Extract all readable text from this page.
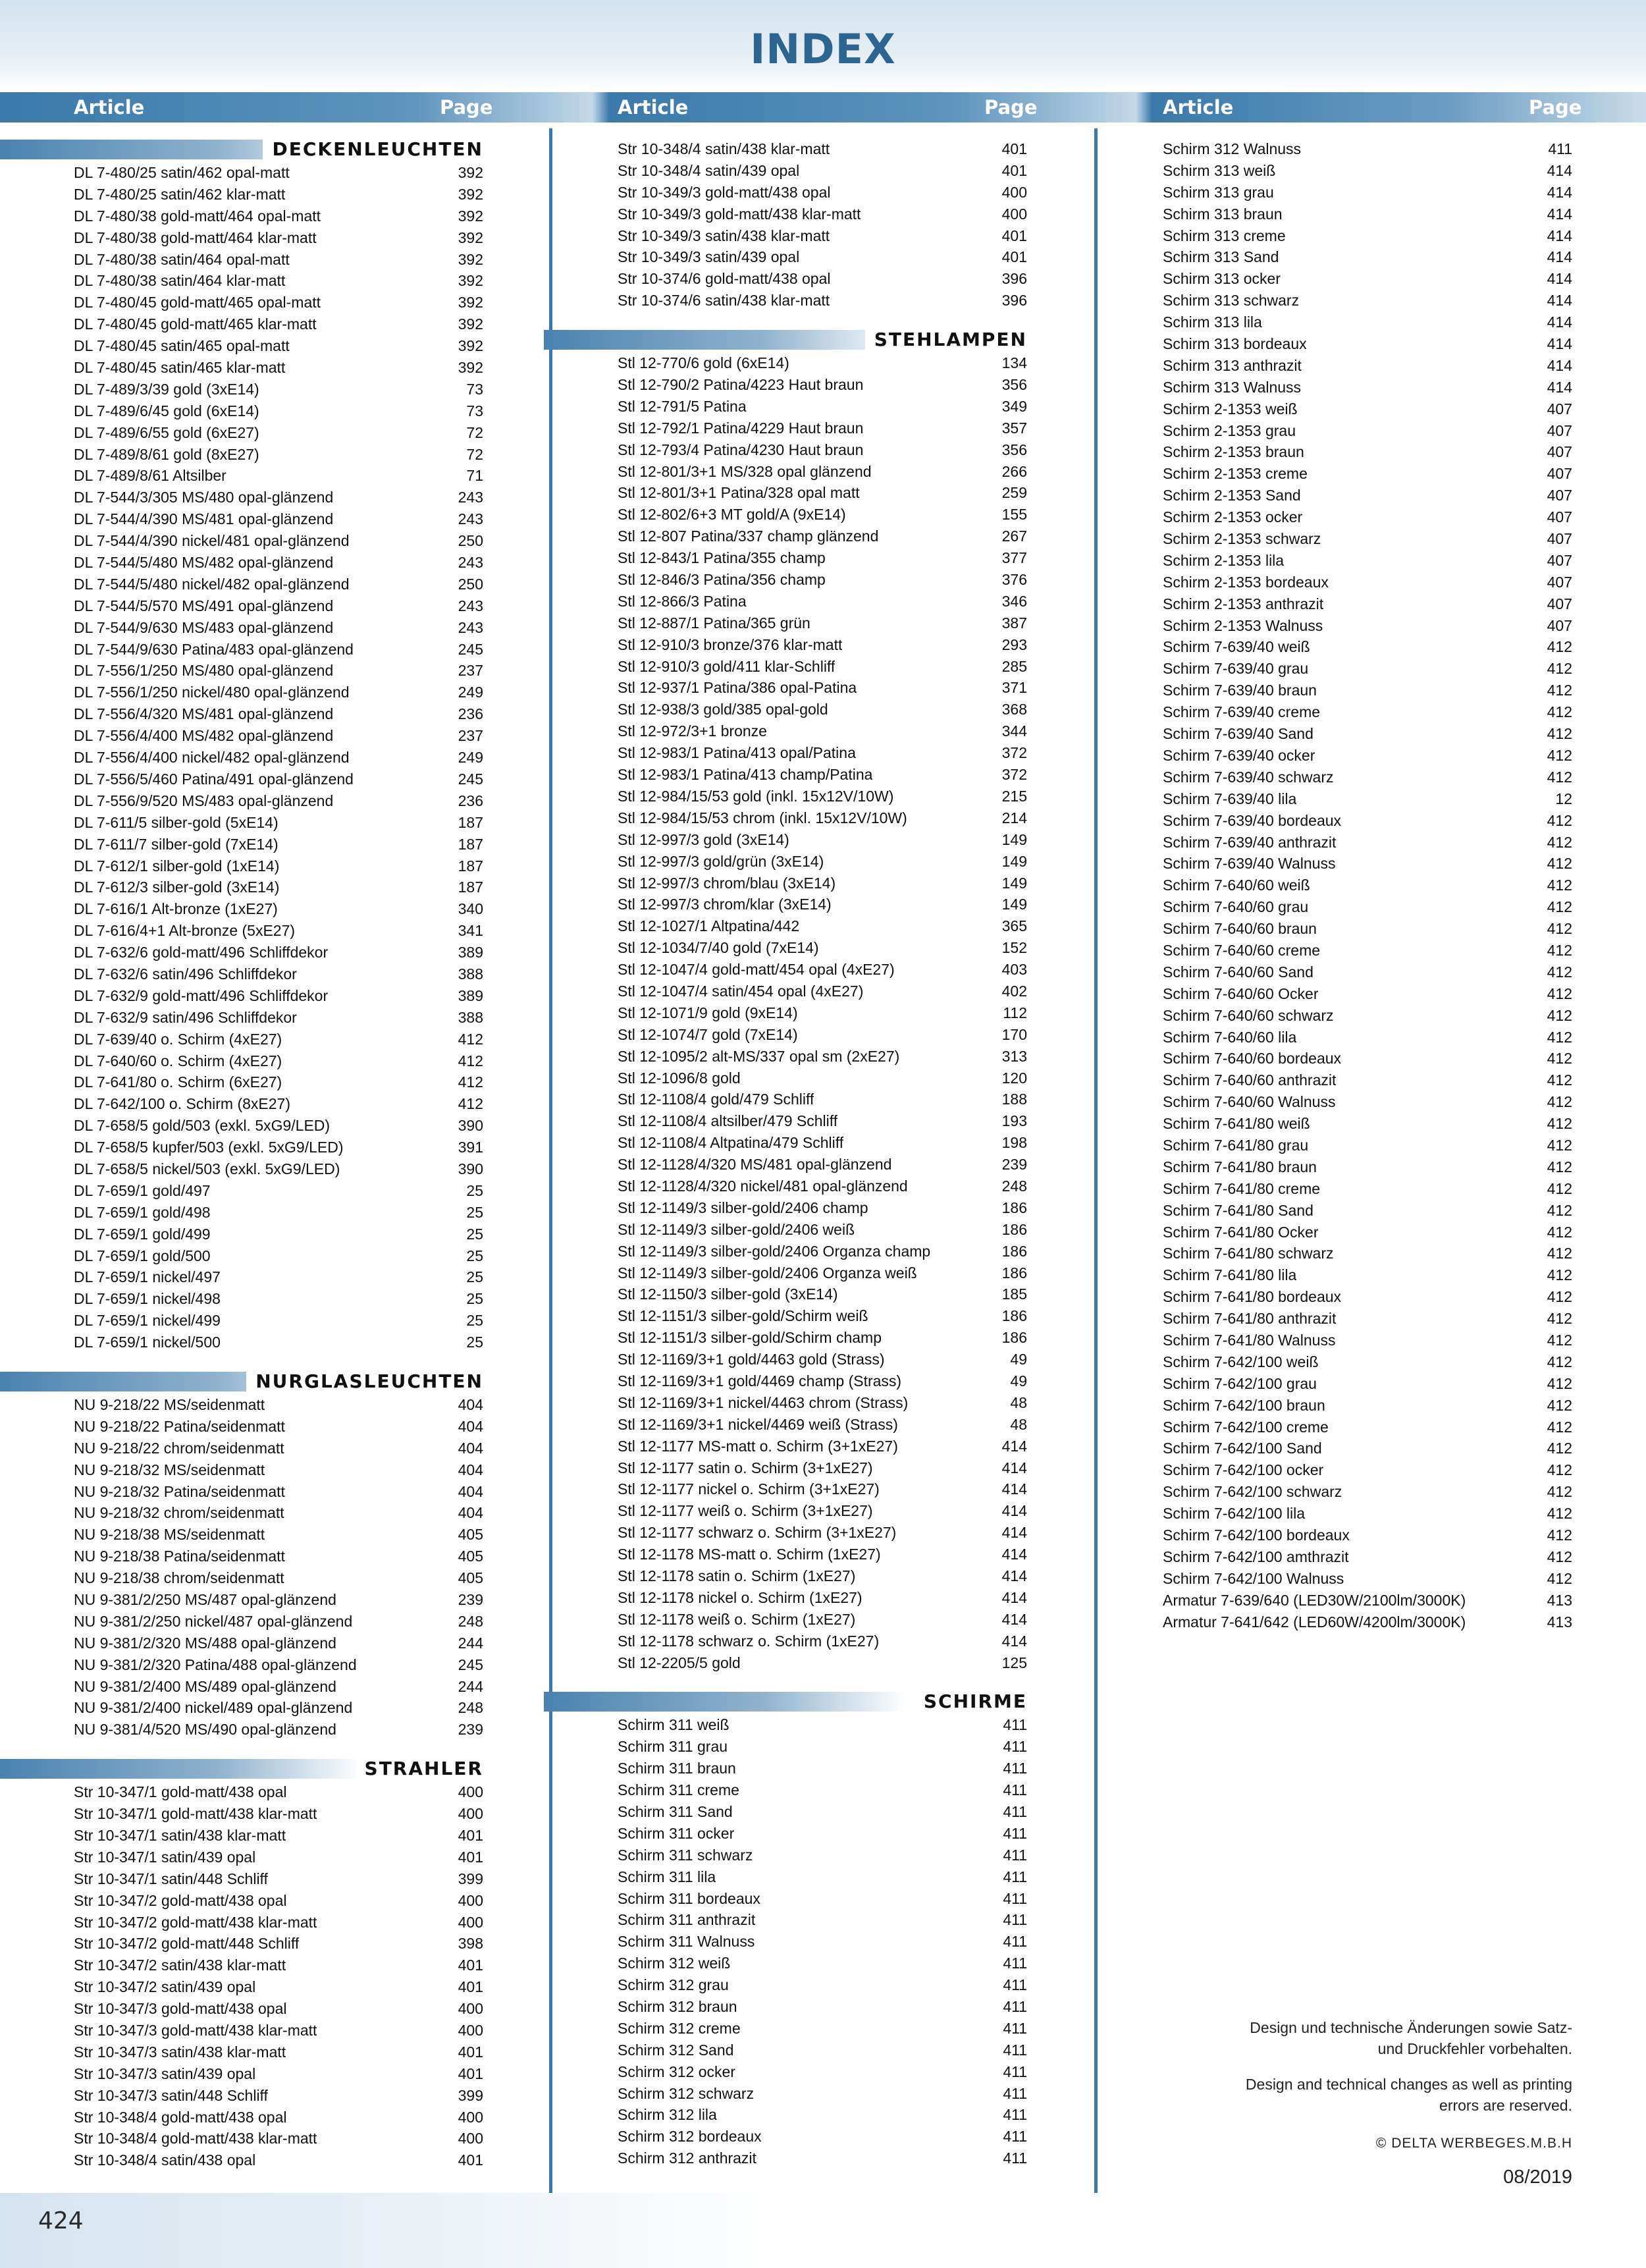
INDEX
Article	Page	Article	Page	Article	Page
DECKENLEUCHTEN
DL 7-480/25 satin/462 opal-matt	392
DL 7-480/25 satin/462 klar-matt	392
DL 7-480/38 gold-matt/464 opal-matt	392
DL 7-480/38 gold-matt/464 klar-matt	392
DL 7-480/38 satin/464 opal-matt	392
DL 7-480/38 satin/464 klar-matt	392
DL 7-480/45 gold-matt/465 opal-matt	392
DL 7-480/45 gold-matt/465 klar-matt	392
DL 7-480/45 satin/465 opal-matt	392
DL 7-480/45 satin/465 klar-matt	392
DL 7-489/3/39 gold (3xE14)	73
DL 7-489/6/45 gold (6xE14)	73
DL 7-489/6/55 gold (6xE27)	72
DL 7-489/8/61 gold (8xE27)	72
DL 7-489/8/61 Altsilber	71
DL 7-544/3/305 MS/480 opal-glänzend	243
DL 7-544/4/390 MS/481 opal-glänzend	243
DL 7-544/4/390 nickel/481 opal-glänzend	250
DL 7-544/5/480 MS/482 opal-glänzend	243
DL 7-544/5/480 nickel/482 opal-glänzend	250
DL 7-544/5/570 MS/491 opal-glänzend	243
DL 7-544/9/630 MS/483 opal-glänzend	243
DL 7-544/9/630 Patina/483 opal-glänzend	245
DL 7-556/1/250 MS/480 opal-glänzend	237
DL 7-556/1/250 nickel/480 opal-glänzend	249
DL 7-556/4/320 MS/481 opal-glänzend	236
DL 7-556/4/400 MS/482 opal-glänzend	237
DL 7-556/4/400 nickel/482 opal-glänzend	249
DL 7-556/5/460 Patina/491 opal-glänzend	245
DL 7-556/9/520 MS/483 opal-glänzend	236
DL 7-611/5 silber-gold (5xE14)	187
DL 7-611/7 silber-gold (7xE14)	187
DL 7-612/1 silber-gold (1xE14)	187
DL 7-612/3 silber-gold (3xE14)	187
DL 7-616/1 Alt-bronze (1xE27)	340
DL 7-616/4+1 Alt-bronze (5xE27)	341
DL 7-632/6 gold-matt/496 Schliffdekor	389
DL 7-632/6 satin/496 Schliffdekor	388
DL 7-632/9 gold-matt/496 Schliffdekor	389
DL 7-632/9 satin/496 Schliffdekor	388
DL 7-639/40 o. Schirm (4xE27)	412
DL 7-640/60 o. Schirm (4xE27)	412
DL 7-641/80 o. Schirm (6xE27)	412
DL 7-642/100 o. Schirm (8xE27)	412
DL 7-658/5 gold/503 (exkl. 5xG9/LED)	390
DL 7-658/5 kupfer/503 (exkl. 5xG9/LED)	391
DL 7-658/5 nickel/503 (exkl. 5xG9/LED)	390
DL 7-659/1 gold/497	25
DL 7-659/1 gold/498	25
DL 7-659/1 gold/499	25
DL 7-659/1 gold/500	25
DL 7-659/1 nickel/497	25
DL 7-659/1 nickel/498	25
DL 7-659/1 nickel/499	25
DL 7-659/1 nickel/500	25
NURGLASLEUCHTEN
NU 9-218/22 MS/seidenmatt	404
NU 9-218/22 Patina/seidenmatt	404
NU 9-218/22 chrom/seidenmatt	404
NU 9-218/32 MS/seidenmatt	404
NU 9-218/32 Patina/seidenmatt	404
NU 9-218/32 chrom/seidenmatt	404
NU 9-218/38 MS/seidenmatt	405
NU 9-218/38 Patina/seidenmatt	405
NU 9-218/38 chrom/seidenmatt	405
NU 9-381/2/250 MS/487 opal-glänzend	239
NU 9-381/2/250 nickel/487 opal-glänzend	248
NU 9-381/2/320 MS/488 opal-glänzend	244
NU 9-381/2/320 Patina/488 opal-glänzend	245
NU 9-381/2/400 MS/489 opal-glänzend	244
NU 9-381/2/400 nickel/489 opal-glänzend	248
NU 9-381/4/520 MS/490 opal-glänzend	239
STRAHLER
Str 10-347/1 gold-matt/438 opal	400
Str 10-347/1 gold-matt/438 klar-matt	400
Str 10-347/1 satin/438 klar-matt	401
Str 10-347/1 satin/439 opal	401
Str 10-347/1 satin/448 Schliff	399
Str 10-347/2 gold-matt/438 opal	400
Str 10-347/2 gold-matt/438 klar-matt	400
Str 10-347/2 gold-matt/448 Schliff	398
Str 10-347/2 satin/438 klar-matt	401
Str 10-347/2 satin/439 opal	401
Str 10-347/3 gold-matt/438 opal	400
Str 10-347/3 gold-matt/438 klar-matt	400
Str 10-347/3 satin/438 klar-matt	401
Str 10-347/3 satin/439 opal	401
Str 10-347/3 satin/448 Schliff	399
Str 10-348/4 gold-matt/438 opal	400
Str 10-348/4 gold-matt/438 klar-matt	400
Str 10-348/4 satin/438 opal	401
Str 10-348/4 satin/438 klar-matt	401
Str 10-348/4 satin/439 opal	401
Str 10-349/3 gold-matt/438 opal	400
Str 10-349/3 gold-matt/438 klar-matt	400
Str 10-349/3 satin/438 klar-matt	401
Str 10-349/3 satin/439 opal	401
Str 10-374/6 gold-matt/438 opal	396
Str 10-374/6 satin/438 klar-matt	396
STEHLAMPEN
Stl 12-770/6 gold (6xE14)	134
Stl 12-790/2 Patina/4223 Haut braun	356
Stl 12-791/5 Patina	349
Stl 12-792/1 Patina/4229 Haut braun	357
Stl 12-793/4 Patina/4230 Haut braun	356
Stl 12-801/3+1 MS/328 opal glänzend	266
Stl 12-801/3+1 Patina/328 opal matt	259
Stl 12-802/6+3 MT gold/A (9xE14)	155
Stl 12-807 Patina/337 champ glänzend	267
Stl 12-843/1 Patina/355 champ	377
Stl 12-846/3 Patina/356 champ	376
Stl 12-866/3 Patina	346
Stl 12-887/1 Patina/365 grün	387
Stl 12-910/3 bronze/376 klar-matt	293
Stl 12-910/3 gold/411 klar-Schliff	285
Stl 12-937/1 Patina/386 opal-Patina	371
Stl 12-938/3 gold/385 opal-gold	368
Stl 12-972/3+1 bronze	344
Stl 12-983/1 Patina/413 opal/Patina	372
Stl 12-983/1 Patina/413 champ/Patina	372
Stl 12-984/15/53 gold (inkl. 15x12V/10W)	215
Stl 12-984/15/53 chrom (inkl. 15x12V/10W)	214
Stl 12-997/3 gold (3xE14)	149
Stl 12-997/3 gold/grün (3xE14)	149
Stl 12-997/3 chrom/blau (3xE14)	149
Stl 12-997/3 chrom/klar (3xE14)	149
Stl 12-1027/1 Altpatina/442	365
Stl 12-1034/7/40 gold (7xE14)	152
Stl 12-1047/4 gold-matt/454 opal (4xE27)	403
Stl 12-1047/4 satin/454 opal (4xE27)	402
Stl 12-1071/9 gold (9xE14)	112
Stl 12-1074/7 gold (7xE14)	170
Stl 12-1095/2 alt-MS/337 opal sm (2xE27)	313
Stl 12-1096/8 gold	120
Stl 12-1108/4 gold/479 Schliff	188
Stl 12-1108/4 altsilber/479 Schliff	193
Stl 12-1108/4 Altpatina/479 Schliff	198
Stl 12-1128/4/320 MS/481 opal-glänzend	239
Stl 12-1128/4/320 nickel/481 opal-glänzend	248
Stl 12-1149/3 silber-gold/2406 champ	186
Stl 12-1149/3 silber-gold/2406 weiß	186
Stl 12-1149/3 silber-gold/2406 Organza champ	186
Stl 12-1149/3 silber-gold/2406 Organza weiß	186
Stl 12-1150/3 silber-gold (3xE14)	185
Stl 12-1151/3 silber-gold/Schirm weiß	186
Stl 12-1151/3 silber-gold/Schirm champ	186
Stl 12-1169/3+1 gold/4463 gold (Strass)	49
Stl 12-1169/3+1 gold/4469 champ (Strass)	49
Stl 12-1169/3+1 nickel/4463 chrom (Strass)	48
Stl 12-1169/3+1 nickel/4469 weiß (Strass)	48
Stl 12-1177 MS-matt o. Schirm (3+1xE27)	414
Stl 12-1177 satin o. Schirm (3+1xE27)	414
Stl 12-1177 nickel o. Schirm (3+1xE27)	414
Stl 12-1177 weiß o. Schirm (3+1xE27)	414
Stl 12-1177 schwarz o. Schirm (3+1xE27)	414
Stl 12-1178 MS-matt o. Schirm (1xE27)	414
Stl 12-1178 satin o. Schirm (1xE27)	414
Stl 12-1178 nickel o. Schirm (1xE27)	414
Stl 12-1178 weiß o. Schirm (1xE27)	414
Stl 12-1178 schwarz o. Schirm (1xE27)	414
Stl 12-2205/5 gold	125
SCHIRME
Schirm 311 weiß	411
Schirm 311 grau	411
Schirm 311 braun	411
Schirm 311 creme	411
Schirm 311 Sand	411
Schirm 311 ocker	411
Schirm 311 schwarz	411
Schirm 311 lila	411
Schirm 311 bordeaux	411
Schirm 311 anthrazit	411
Schirm 311 Walnuss	411
Schirm 312 weiß	411
Schirm 312 grau	411
Schirm 312 braun	411
Schirm 312 creme	411
Schirm 312 Sand	411
Schirm 312 ocker	411
Schirm 312 schwarz	411
Schirm 312 lila	411
Schirm 312 bordeaux	411
Schirm 312 anthrazit	411
Schirm 312 Walnuss	411
Schirm 313 weiß	414
Schirm 313 grau	414
Schirm 313 braun	414
Schirm 313 creme	414
Schirm 313 Sand	414
Schirm 313 ocker	414
Schirm 313 schwarz	414
Schirm 313 lila	414
Schirm 313 bordeaux	414
Schirm 313 anthrazit	414
Schirm 313 Walnuss	414
Schirm 2-1353 weiß	407
Schirm 2-1353 grau	407
Schirm 2-1353 braun	407
Schirm 2-1353 creme	407
Schirm 2-1353 Sand	407
Schirm 2-1353 ocker	407
Schirm 2-1353 schwarz	407
Schirm 2-1353 lila	407
Schirm 2-1353 bordeaux	407
Schirm 2-1353 anthrazit	407
Schirm 2-1353 Walnuss	407
Schirm 7-639/40 weiß	412
Schirm 7-639/40 grau	412
Schirm 7-639/40 braun	412
Schirm 7-639/40 creme	412
Schirm 7-639/40 Sand	412
Schirm 7-639/40 ocker	412
Schirm 7-639/40 schwarz	412
Schirm 7-639/40 lila	12
Schirm 7-639/40 bordeaux	412
Schirm 7-639/40 anthrazit	412
Schirm 7-639/40 Walnuss	412
Schirm 7-640/60 weiß	412
Schirm 7-640/60 grau	412
Schirm 7-640/60 braun	412
Schirm 7-640/60 creme	412
Schirm 7-640/60 Sand	412
Schirm 7-640/60 Ocker	412
Schirm 7-640/60 schwarz	412
Schirm 7-640/60 lila	412
Schirm 7-640/60 bordeaux	412
Schirm 7-640/60 anthrazit	412
Schirm 7-640/60 Walnuss	412
Schirm 7-641/80 weiß	412
Schirm 7-641/80 grau	412
Schirm 7-641/80 braun	412
Schirm 7-641/80 creme	412
Schirm 7-641/80 Sand	412
Schirm 7-641/80 Ocker	412
Schirm 7-641/80 schwarz	412
Schirm 7-641/80 lila	412
Schirm 7-641/80 bordeaux	412
Schirm 7-641/80 anthrazit	412
Schirm 7-641/80 Walnuss	412
Schirm 7-642/100 weiß	412
Schirm 7-642/100 grau	412
Schirm 7-642/100 braun	412
Schirm 7-642/100 creme	412
Schirm 7-642/100 Sand	412
Schirm 7-642/100 ocker	412
Schirm 7-642/100 schwarz	412
Schirm 7-642/100 lila	412
Schirm 7-642/100 bordeaux	412
Schirm 7-642/100 amthrazit	412
Schirm 7-642/100 Walnuss	412
Armatur 7-639/640 (LED30W/2100lm/3000K)	413
Armatur 7-641/642 (LED60W/4200lm/3000K)	413

Design und technische Änderungen sowie Satz- und Druckfehler vorbehalten.

Design and technical changes as well as printing errors are reserved.

© DELTA WERBEGES.M.B.H
08/2019
424
